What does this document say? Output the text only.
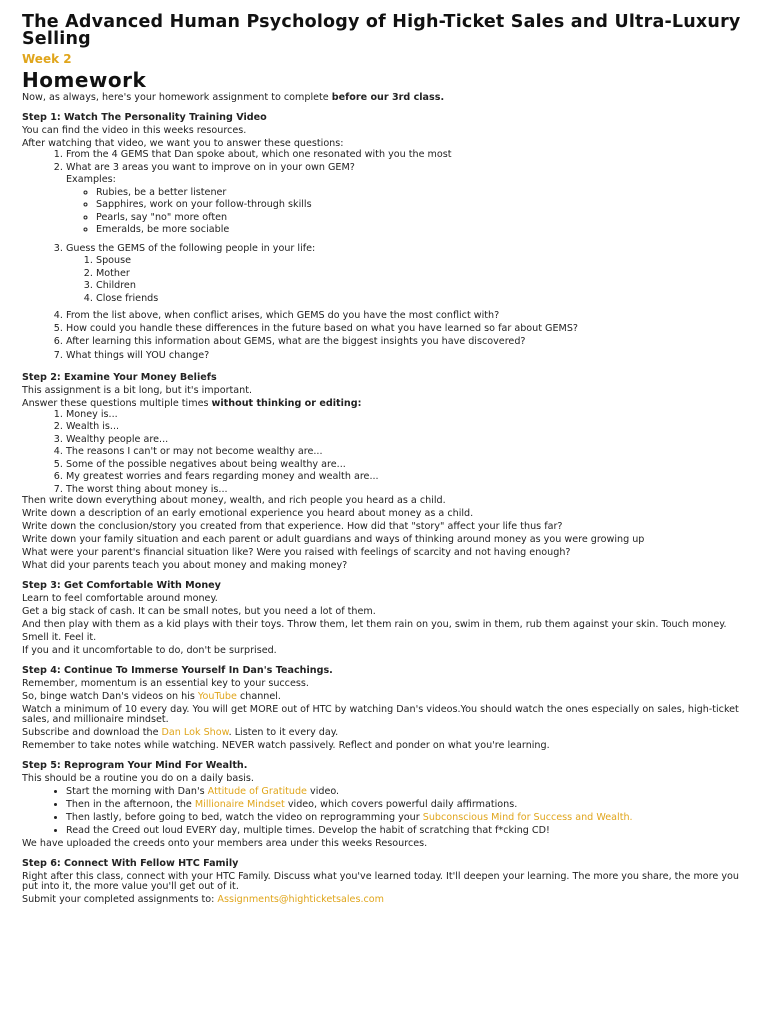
The Advanced Human Psychology of High-Ticket Sales and Ultra-Luxury Selling
Week 2
Homework

Now, as always, here's your homework assignment to complete before our 3rd class.

Step 1: Watch The Personality Training Video

You can find the video in this weeks resources.

After watching that video, we want you to answer these questions:

1. From the 4 GEMS that Dan spoke about, which one resonated with you the most
2. What are 3 areas you want to improve on in your own GEM?
Examples:
◦ Rubies, be a better listener
◦ Sapphires, work on your follow-through skills
◦ Pearls, say "no" more often
◦ Emeralds, be more sociable
3. Guess the GEMS of the following people in your life:
1. Spouse
2. Mother
3. Children
4. Close friends
4. From the list above, when conflict arises, which GEMS do you have the most conflict with?
5. How could you handle these differences in the future based on what you have learned so far about GEMS?
6. After learning this information about GEMS, what are the biggest insights you have discovered?
7. What things will YOU change?
Step 2: Examine Your Money Beliefs

This assignment is a bit long, but it's important.

Answer these questions multiple times without thinking or editing:

1. Money is...
2. Wealth is...
3. Wealthy people are...
4. The reasons I can't or may not become wealthy are...
5. Some of the possible negatives about being wealthy are...
6. My greatest worries and fears regarding money and wealth are...
7. The worst thing about money is...

Then write down everything about money, wealth, and rich people you heard as a child.

Write down a description of an early emotional experience you heard about money as a child.

Write down the conclusion/story you created from that experience. How did that "story" affect your life thus far?

Write down your family situation and each parent or adult guardians and ways of thinking around money as you were growing up

What were your parent's financial situation like? Were you raised with feelings of scarcity and not having enough?

What did your parents teach you about money and making money?

Step 3: Get Comfortable With Money

Learn to feel comfortable around money.

Get a big stack of cash. It can be small notes, but you need a lot of them.

And then play with them as a kid plays with their toys. Throw them, let them rain on you, swim in them, rub them against your skin. Touch money.

Smell it. Feel it.

If you and it uncomfortable to do, don't be surprised.

Step 4: Continue To Immerse Yourself In Dan's Teachings.

Remember, momentum is an essential key to your success.

So, binge watch Dan's videos on his YouTube channel.

Watch a minimum of 10 every day. You will get MORE out of HTC by watching Dan's videos.You should watch the ones especially on sales, high-ticket sales, and millionaire mindset.

Subscribe and download the Dan Lok Show. Listen to it every day.

Remember to take notes while watching. NEVER watch passively. Reflect and ponder on what you're learning.

Step 5: Reprogram Your Mind For Wealth.

This should be a routine you do on a daily basis.

• Start the morning with Dan's Attitude of Gratitude video.
• Then in the afternoon, the Millionaire Mindset video, which covers powerful daily affirmations.
• Then lastly, before going to bed, watch the video on reprogramming your Subconscious Mind for Success and Wealth.
• Read the Creed out loud EVERY day, multiple times. Develop the habit of scratching that f*cking CD!

We have uploaded the creeds onto your members area under this weeks Resources.

Step 6: Connect With Fellow HTC Family

Right after this class, connect with your HTC Family. Discuss what you've learned today. It'll deepen your learning. The more you share, the more you put into it, the more value you'll get out of it.

Submit your completed assignments to: Assignments@highticketsales.com
